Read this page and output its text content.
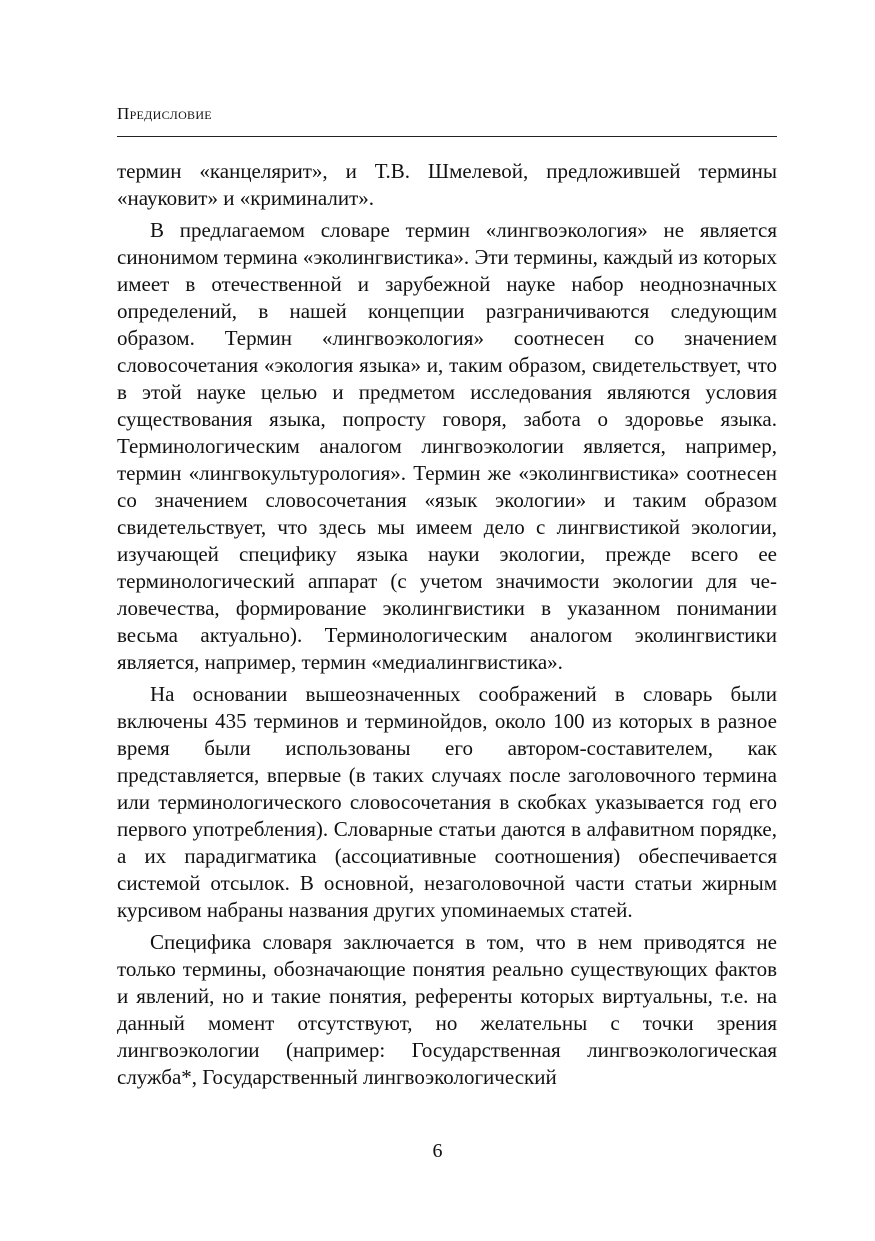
Предисловие

термин «канцелярит», и Т.В. Шмелевой, предложившей термины «науковит» и «криминалит».

В предлагаемом словаре термин «лингвоэкология» не является синонимом термина «эколингвистика». Эти термины, каждый из которых имеет в отечественной и зарубежной науке набор неоднозначных определений, в нашей концепции разграничиваются следующим образом. Термин «лингвоэкология» соотнесен со значением словосочетания «экология языка» и, таким образом, свидетельствует, что в этой науке целью и предметом исследования являются условия существования языка, попросту говоря, забота о здоровье языка. Терминологическим аналогом лингвоэкологии является, например, термин «лингвокультурология». Термин же «эколингвистика» соотнесен со значением словосочетания «язык экологии» и таким образом свидетельствует, что здесь мы имеем дело с лингвистикой экологии, изучающей специфику языка науки экологии, прежде всего ее терминологический аппарат (с учетом значимости экологии для человечества, формирование эколингвистики в указанном понимании весьма актуально). Терминологическим аналогом эколингвистики является, например, термин «медиалингвистика».

На основании вышеозначенных соображений в словарь были включены 435 терминов и терминойдов, около 100 из которых в разное время были использованы его автором-составителем, как представляется, впервые (в таких случаях после заголовочного термина или терминологического словосочетания в скобках указывается год его первого употребления). Словарные статьи даются в алфавитном порядке, а их парадигматика (ассоциативные соотношения) обеспечивается системой отсылок. В основной, незаголовочной части статьи жирным курсивом набраны названия других упоминаемых статей.

Специфика словаря заключается в том, что в нем приводятся не только термины, обозначающие понятия реально существующих фактов и явлений, но и такие понятия, референты которых виртуальны, т.е. на данный момент отсутствуют, но желательны с точки зрения лингвоэкологии (например: Государственная лингвоэкологическая служба*, Государственный лингвоэкологический

6
